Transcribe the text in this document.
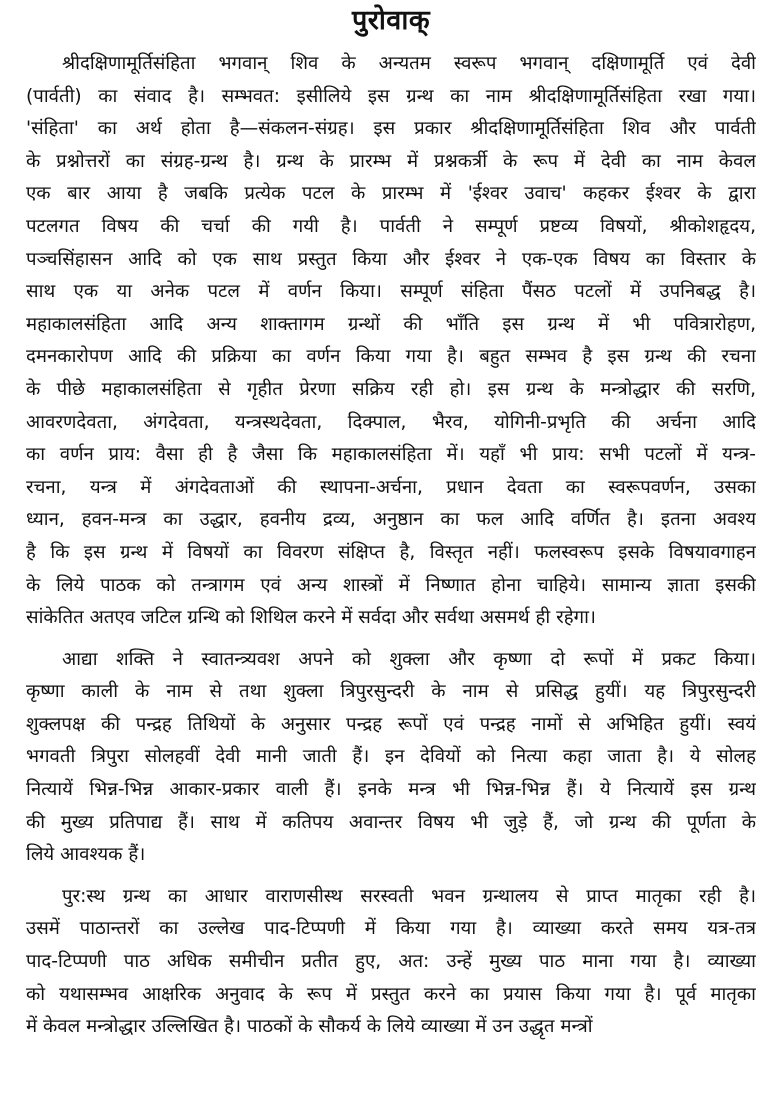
पुरोवाक्

श्रीदक्षिणामूर्तिसंहिता भगवान् शिव के अन्यतम स्वरूप भगवान् दक्षिणामूर्ति एवं देवी
(पार्वती) का संवाद है। सम्भवत: इसीलिये इस ग्रन्थ का नाम श्रीदक्षिणामूर्तिसंहिता रखा गया।
'संहिता' का अर्थ होता है—संकलन-संग्रह। इस प्रकार श्रीदक्षिणामूर्तिसंहिता शिव और पार्वती
के प्रश्नोत्तरों का संग्रह-ग्रन्थ है। ग्रन्थ के प्रारम्भ में प्रश्नकर्त्री के रूप में देवी का नाम केवल
एक बार आया है जबकि प्रत्येक पटल के प्रारम्भ में 'ईश्वर उवाच' कहकर ईश्वर के द्वारा
पटलगत विषय की चर्चा की गयी है। पार्वती ने सम्पूर्ण प्रष्टव्य विषयों, श्रीकोशहृदय,
पञ्चसिंहासन आदि को एक साथ प्रस्तुत किया और ईश्वर ने एक-एक विषय का विस्तार के
साथ एक या अनेक पटल में वर्णन किया। सम्पूर्ण संहिता पैंसठ पटलों में उपनिबद्ध है।
महाकालसंहिता आदि अन्य शाक्तागम ग्रन्थों की भाँति इस ग्रन्थ में भी पवित्रारोहण,
दमनकारोपण आदि की प्रक्रिया का वर्णन किया गया है। बहुत सम्भव है इस ग्रन्थ की रचना
के पीछे महाकालसंहिता से गृहीत प्रेरणा सक्रिय रही हो। इस ग्रन्थ के मन्त्रोद्धार की सरणि,
आवरणदेवता, अंगदेवता, यन्त्रस्थदेवता, दिक्पाल, भैरव, योगिनी-प्रभृति की अर्चना आदि
का वर्णन प्राय: वैसा ही है जैसा कि महाकालसंहिता में। यहाँ भी प्राय: सभी पटलों में यन्त्र-
रचना, यन्त्र में अंगदेवताओं की स्थापना-अर्चना, प्रधान देवता का स्वरूपवर्णन, उसका
ध्यान, हवन-मन्त्र का उद्धार, हवनीय द्रव्य, अनुष्ठान का फल आदि वर्णित है। इतना अवश्य
है कि इस ग्रन्थ में विषयों का विवरण संक्षिप्त है, विस्तृत नहीं। फलस्वरूप इसके विषयावगाहन
के लिये पाठक को तन्त्रागम एवं अन्य शास्त्रों में निष्णात होना चाहिये। सामान्य ज्ञाता इसकी
सांकेतित अतएव जटिल ग्रन्थि को शिथिल करने में सर्वदा और सर्वथा असमर्थ ही रहेगा।

आद्या शक्ति ने स्वातन्त्र्यवश अपने को शुक्ला और कृष्णा दो रूपों में प्रकट किया।
कृष्णा काली के नाम से तथा शुक्ला त्रिपुरसुन्दरी के नाम से प्रसिद्ध हुयीं। यह त्रिपुरसुन्दरी
शुक्लपक्ष की पन्द्रह तिथियों के अनुसार पन्द्रह रूपों एवं पन्द्रह नामों से अभिहित हुयीं। स्वयं
भगवती त्रिपुरा सोलहवीं देवी मानी जाती हैं। इन देवियों को नित्या कहा जाता है। ये सोलह
नित्यायें भिन्न-भिन्न आकार-प्रकार वाली हैं। इनके मन्त्र भी भिन्न-भिन्न हैं। ये नित्यायें इस ग्रन्थ
की मुख्य प्रतिपाद्य हैं। साथ में कतिपय अवान्तर विषय भी जुड़े हैं, जो ग्रन्थ की पूर्णता के
लिये आवश्यक हैं।

पुर:स्थ ग्रन्थ का आधार वाराणसीस्थ सरस्वती भवन ग्रन्थालय से प्राप्त मातृका रही है।
उसमें पाठान्तरों का उल्लेख पाद-टिप्पणी में किया गया है। व्याख्या करते समय यत्र-तत्र
पाद-टिप्पणी पाठ अधिक समीचीन प्रतीत हुए, अत: उन्हें मुख्य पाठ माना गया है। व्याख्या
को यथासम्भव आक्षरिक अनुवाद के रूप में प्रस्तुत करने का प्रयास किया गया है। पूर्व मातृका
में केवल मन्त्रोद्धार उल्लिखित है। पाठकों के सौकर्य के लिये व्याख्या में उन उद्धृत मन्त्रों
